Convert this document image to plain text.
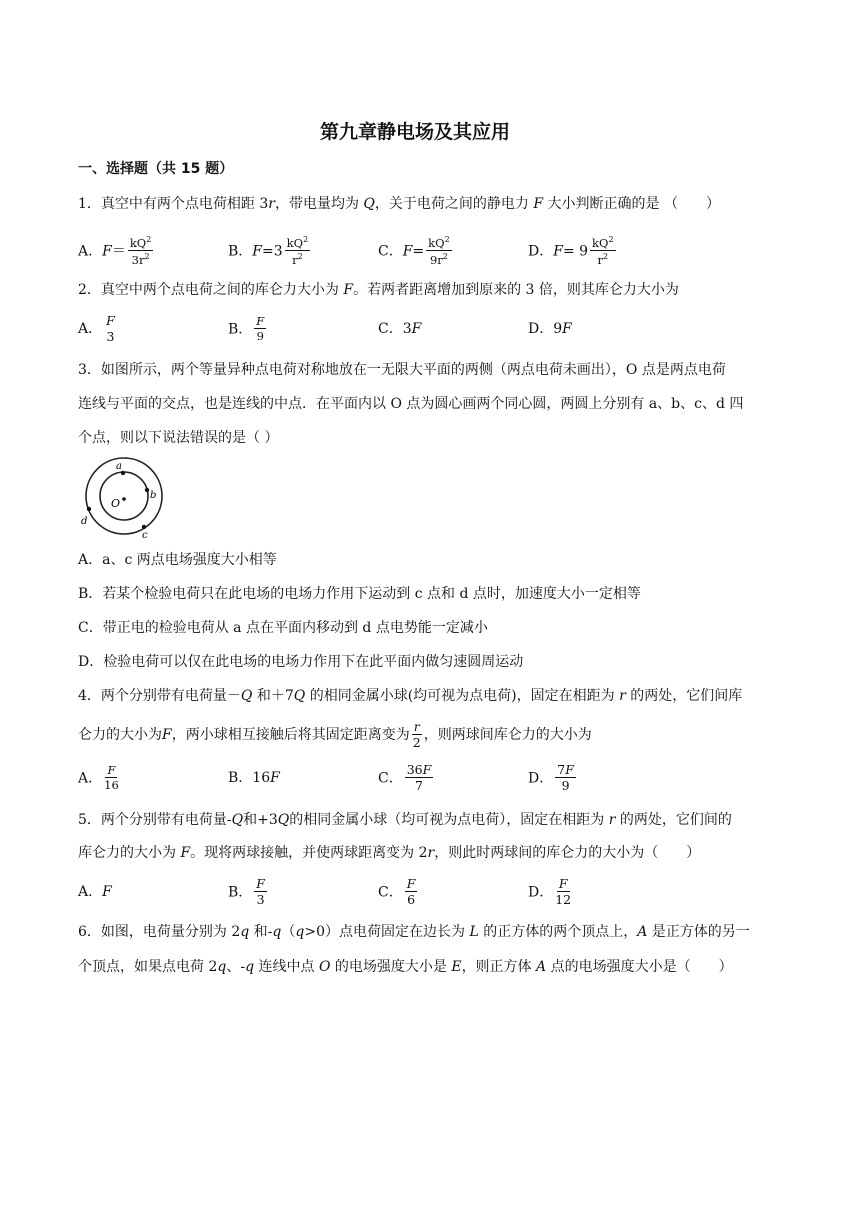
第九章静电场及其应用
一、选择题（共 15 题）
1．真空中有两个点电荷相距 3r，带电量均为 Q，关于电荷之间的静电力 F 大小判断正确的是 （　　）
A．$F= \frac{kQ^2}{3r^2}$	B．$F=3 \frac{kQ^2}{r^2}$	C．$F= \frac{kQ^2}{9r^2}$	D．$F= 9 \frac{kQ^2}{r^2}$
2．真空中两个点电荷之间的库仑力大小为 F。若两者距离增加到原来的 3 倍，则其库仑力大小为
A．
F
3	B． $\frac{F}{9}$	C．3F	D．9F
3．如图所示，两个等量异种点电荷对称地放在一无限大平面的两侧（两点电荷未画出），O 点是两点电荷
连线与平面的交点，也是连线的中点．在平面内以 O 点为圆心画两个同心圆，两圆上分别有 a、b、c、d 四
个点，则以下说法错误的是（ ）
a
b
c
d
O
A．a、c 两点电场强度大小相等
B．若某个检验电荷只在此电场的电场力作用下运动到 c 点和 d 点时，加速度大小一定相等
C．带正电的检验电荷从 a 点在平面内移动到 d 点电势能一定减小
D．检验电荷可以仅在此电场的电场力作用下在此平面内做匀速圆周运动
4．两个分别带有电荷量－Q 和＋7Q 的相同金属小球(均可视为点电荷)，固定在相距为 r 的两处，它们间库
仑力的大小为 F ，两小球相互接触后将其固定距离变为 $\frac{r}{2}$ ，则两球间库仑力的大小为
A． $\frac{F}{16}$	B．16F	C． $\frac{36F}{7}$	D． $\frac{7F}{9}$
5．两个分别带有电荷量-Q和+3Q的相同金属小球（均可视为点电荷），固定在相距为 r 的两处，它们间的
库仑力的大小为 F。现将两球接触，并使两球距离变为 2r，则此时两球间的库仑力的大小为（　　）
A．F	B． $\frac{F}{3}$	C． $\frac{F}{6}$	D． $\frac{F}{12}$
6．如图，电荷量分别为 2q 和-q（q>0）点电荷固定在边长为 L 的正方体的两个顶点上，A 是正方体的另一
个顶点，如果点电荷 2q、-q 连线中点 O 的电场强度大小是 E，则正方体 A 点的电场强度大小是（　　）
